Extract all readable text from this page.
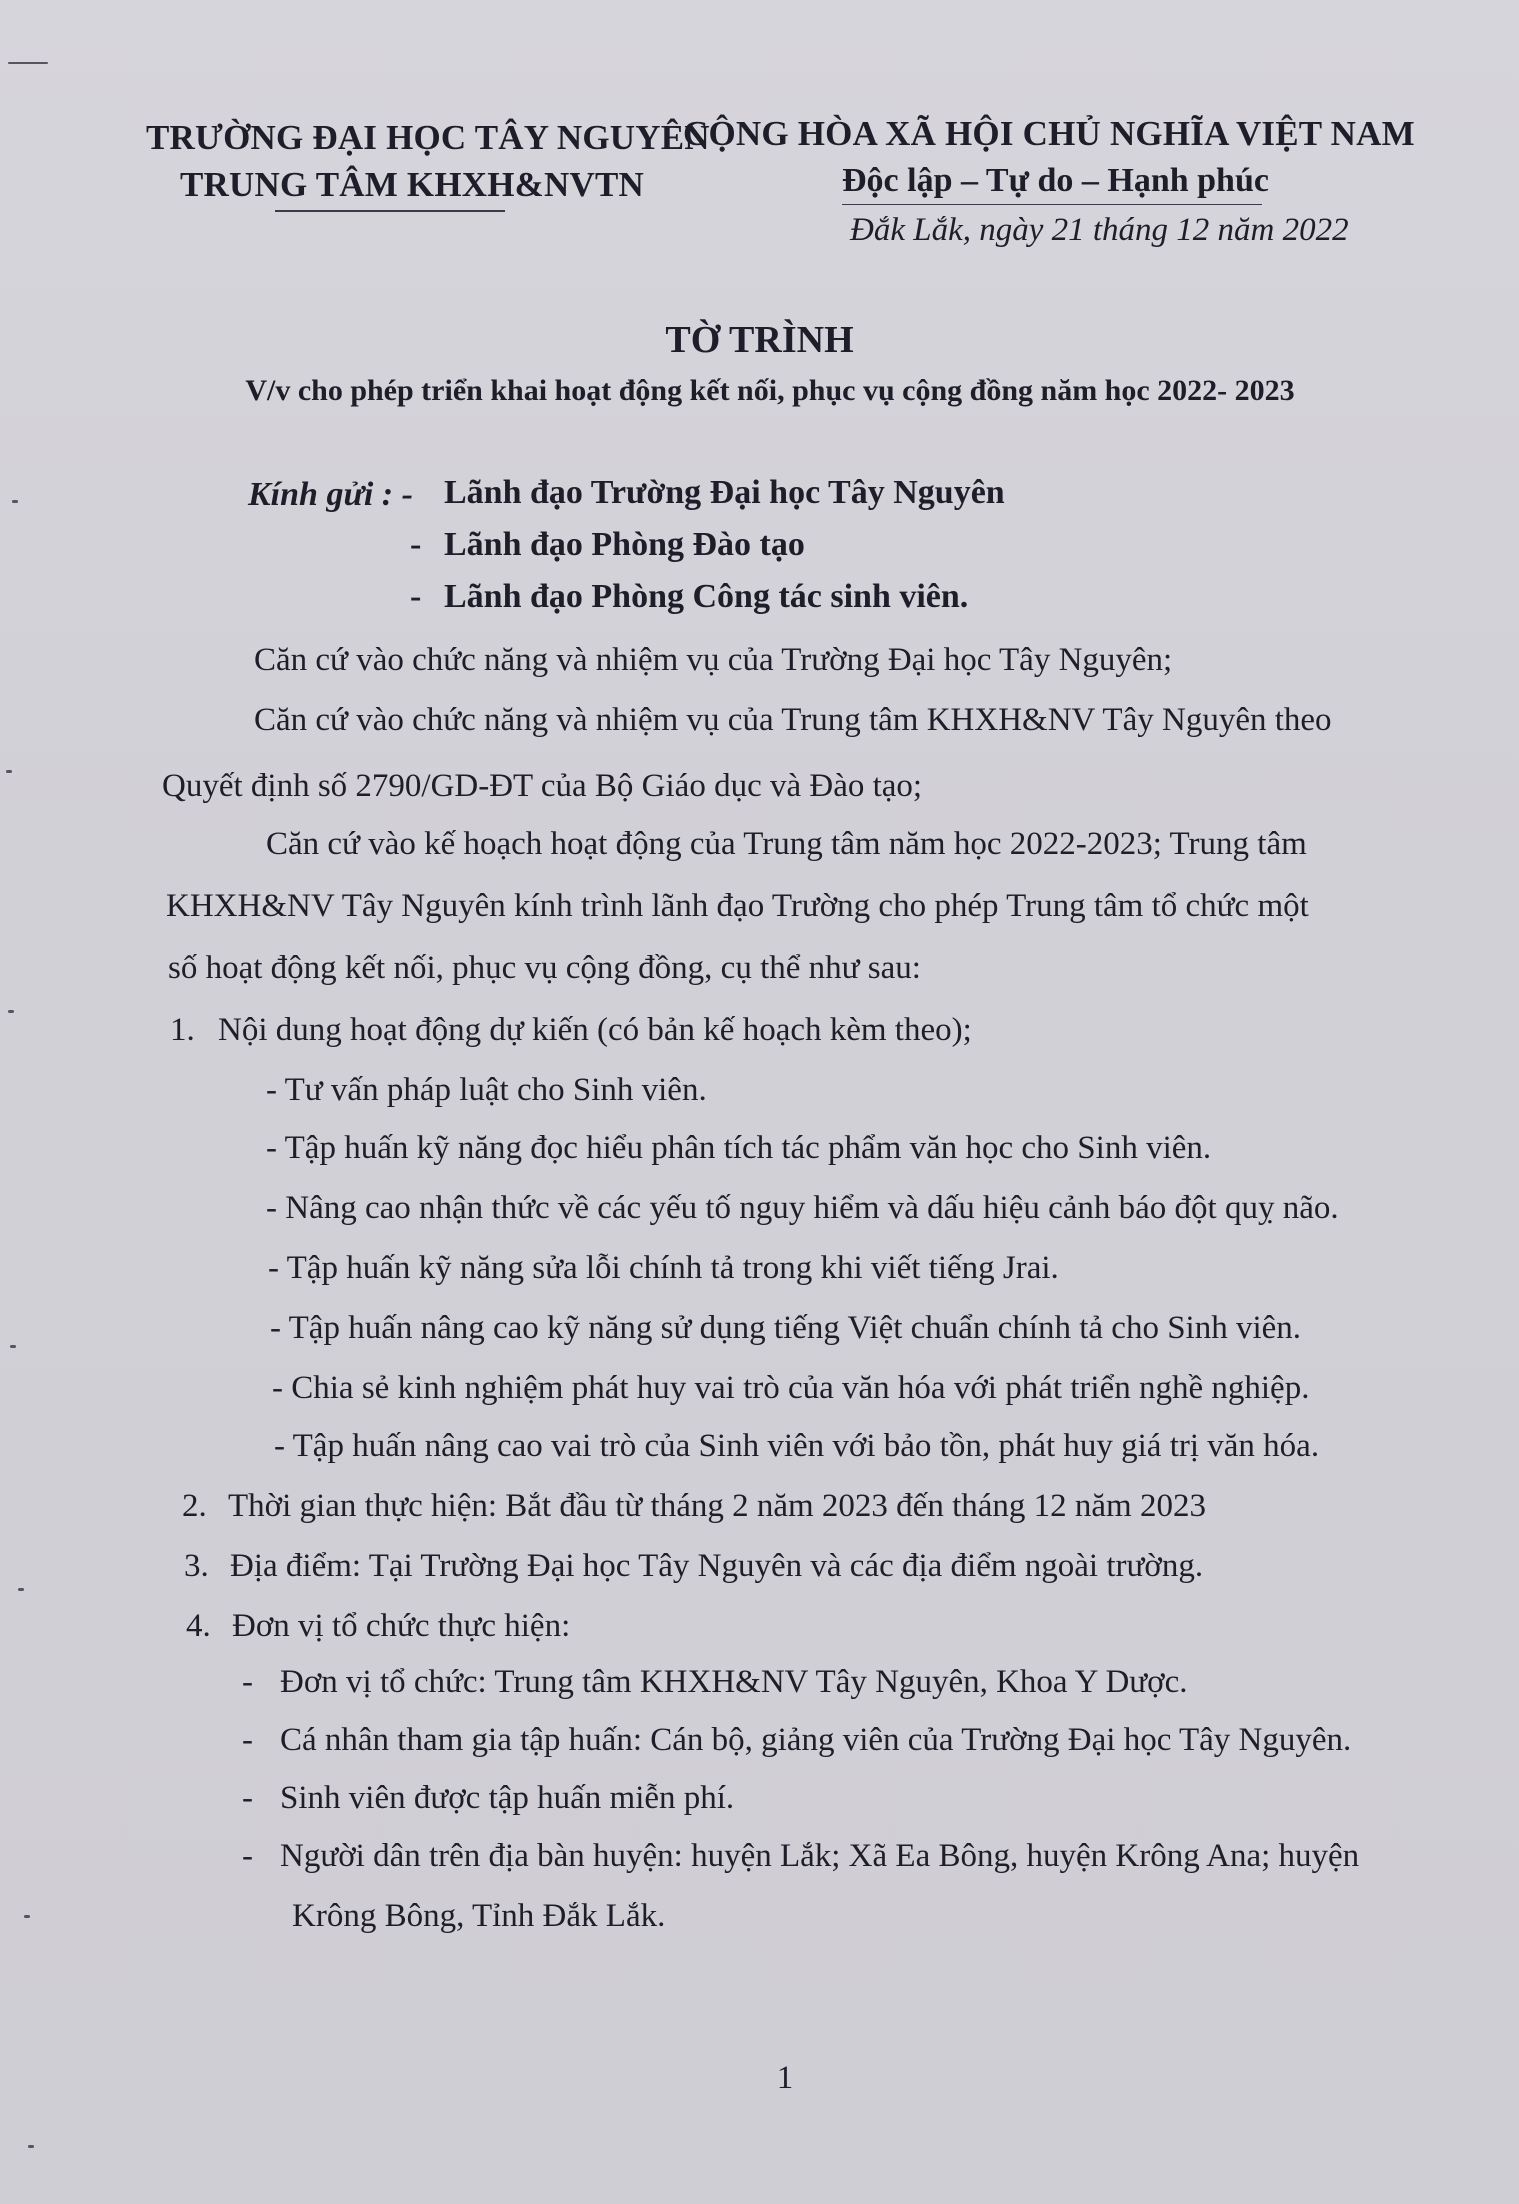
TRƯỜNG ĐẠI HỌC TÂY NGUYÊN
TRUNG TÂM KHXH&NVTN
CỘNG HÒA XÃ HỘI CHỦ NGHĨA VIỆT NAM
Độc lập – Tự do – Hạnh phúc
Đắk Lắk, ngày 21 tháng 12 năm 2022
TỜ TRÌNH
V/v cho phép triển khai hoạt động kết nối, phục vụ cộng đồng năm học 2022- 2023
Kính gửi : - Lãnh đạo Trường Đại học Tây Nguyên
- Lãnh đạo Phòng Đào tạo
- Lãnh đạo Phòng Công tác sinh viên.
Căn cứ vào chức năng và nhiệm vụ của Trường Đại học Tây Nguyên;
Căn cứ vào chức năng và nhiệm vụ của Trung tâm KHXH&NV Tây Nguyên theo
Quyết định số 2790/GD-ĐT của Bộ Giáo dục và Đào tạo;
Căn cứ vào kế hoạch hoạt động của Trung tâm năm học 2022-2023; Trung tâm
KHXH&NV Tây Nguyên kính trình lãnh đạo Trường cho phép Trung tâm tổ chức một
số hoạt động kết nối, phục vụ cộng đồng, cụ thể như sau:
1. Nội dung hoạt động dự kiến (có bản kế hoạch kèm theo);
- Tư vấn pháp luật cho Sinh viên.
- Tập huấn kỹ năng đọc hiểu phân tích tác phẩm văn học cho Sinh viên.
- Nâng cao nhận thức về các yếu tố nguy hiểm và dấu hiệu cảnh báo đột quỵ não.
- Tập huấn kỹ năng sửa lỗi chính tả trong khi viết tiếng Jrai.
- Tập huấn nâng cao kỹ năng sử dụng tiếng Việt chuẩn chính tả cho Sinh viên.
- Chia sẻ kinh nghiệm phát huy vai trò của văn hóa với phát triển nghề nghiệp.
- Tập huấn nâng cao vai trò của Sinh viên với bảo tồn, phát huy giá trị văn hóa.
2. Thời gian thực hiện: Bắt đầu từ tháng 2 năm 2023 đến tháng 12 năm 2023
3. Địa điểm: Tại Trường Đại học Tây Nguyên và các địa điểm ngoài trường.
4. Đơn vị tổ chức thực hiện:
- Đơn vị tổ chức: Trung tâm KHXH&NV Tây Nguyên, Khoa Y Dược.
- Cá nhân tham gia tập huấn: Cán bộ, giảng viên của Trường Đại học Tây Nguyên.
- Sinh viên được tập huấn miễn phí.
- Người dân trên địa bàn huyện: huyện Lắk; Xã Ea Bông, huyện Krông Ana; huyện
Krông Bông, Tỉnh Đắk Lắk.
1
